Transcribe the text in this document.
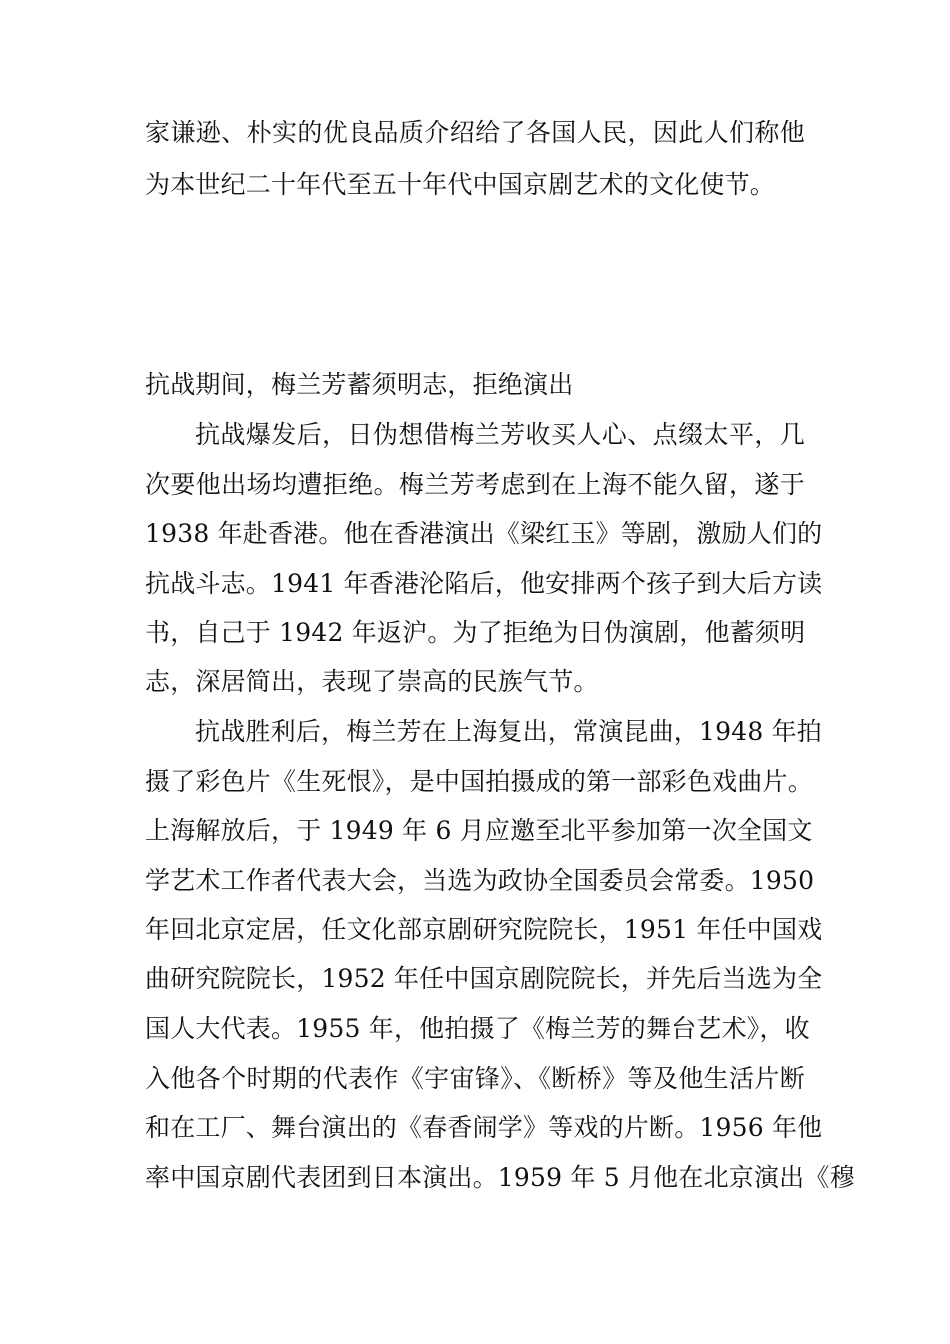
家谦逊、朴实的优良品质介绍给了各国人民，因此人们称他

为本世纪二十年代至五十年代中国京剧艺术的文化使节。

抗战期间，梅兰芳蓄须明志，拒绝演出

抗战爆发后，日伪想借梅兰芳收买人心、点缀太平，几

次要他出场均遭拒绝。梅兰芳考虑到在上海不能久留，遂于

1938 年赴香港。他在香港演出《梁红玉》等剧，激励人们的

抗战斗志。1941 年香港沦陷后，他安排两个孩子到大后方读

书，自己于 1942 年返沪。为了拒绝为日伪演剧，他蓄须明

志，深居简出，表现了崇高的民族气节。

抗战胜利后，梅兰芳在上海复出，常演昆曲，1948 年拍

摄了彩色片《生死恨》，是中国拍摄成的第一部彩色戏曲片。

上海解放后，于 1949 年 6 月应邀至北平参加第一次全国文

学艺术工作者代表大会，当选为政协全国委员会常委。1950

年回北京定居，任文化部京剧研究院院长，1951 年任中国戏

曲研究院院长，1952 年任中国京剧院院长，并先后当选为全

国人大代表。1955 年，他拍摄了《梅兰芳的舞台艺术》，收

入他各个时期的代表作《宇宙锋》、《断桥》等及他生活片断

和在工厂、舞台演出的《春香闹学》等戏的片断。1956 年他

率中国京剧代表团到日本演出。1959 年 5 月他在北京演出《穆
